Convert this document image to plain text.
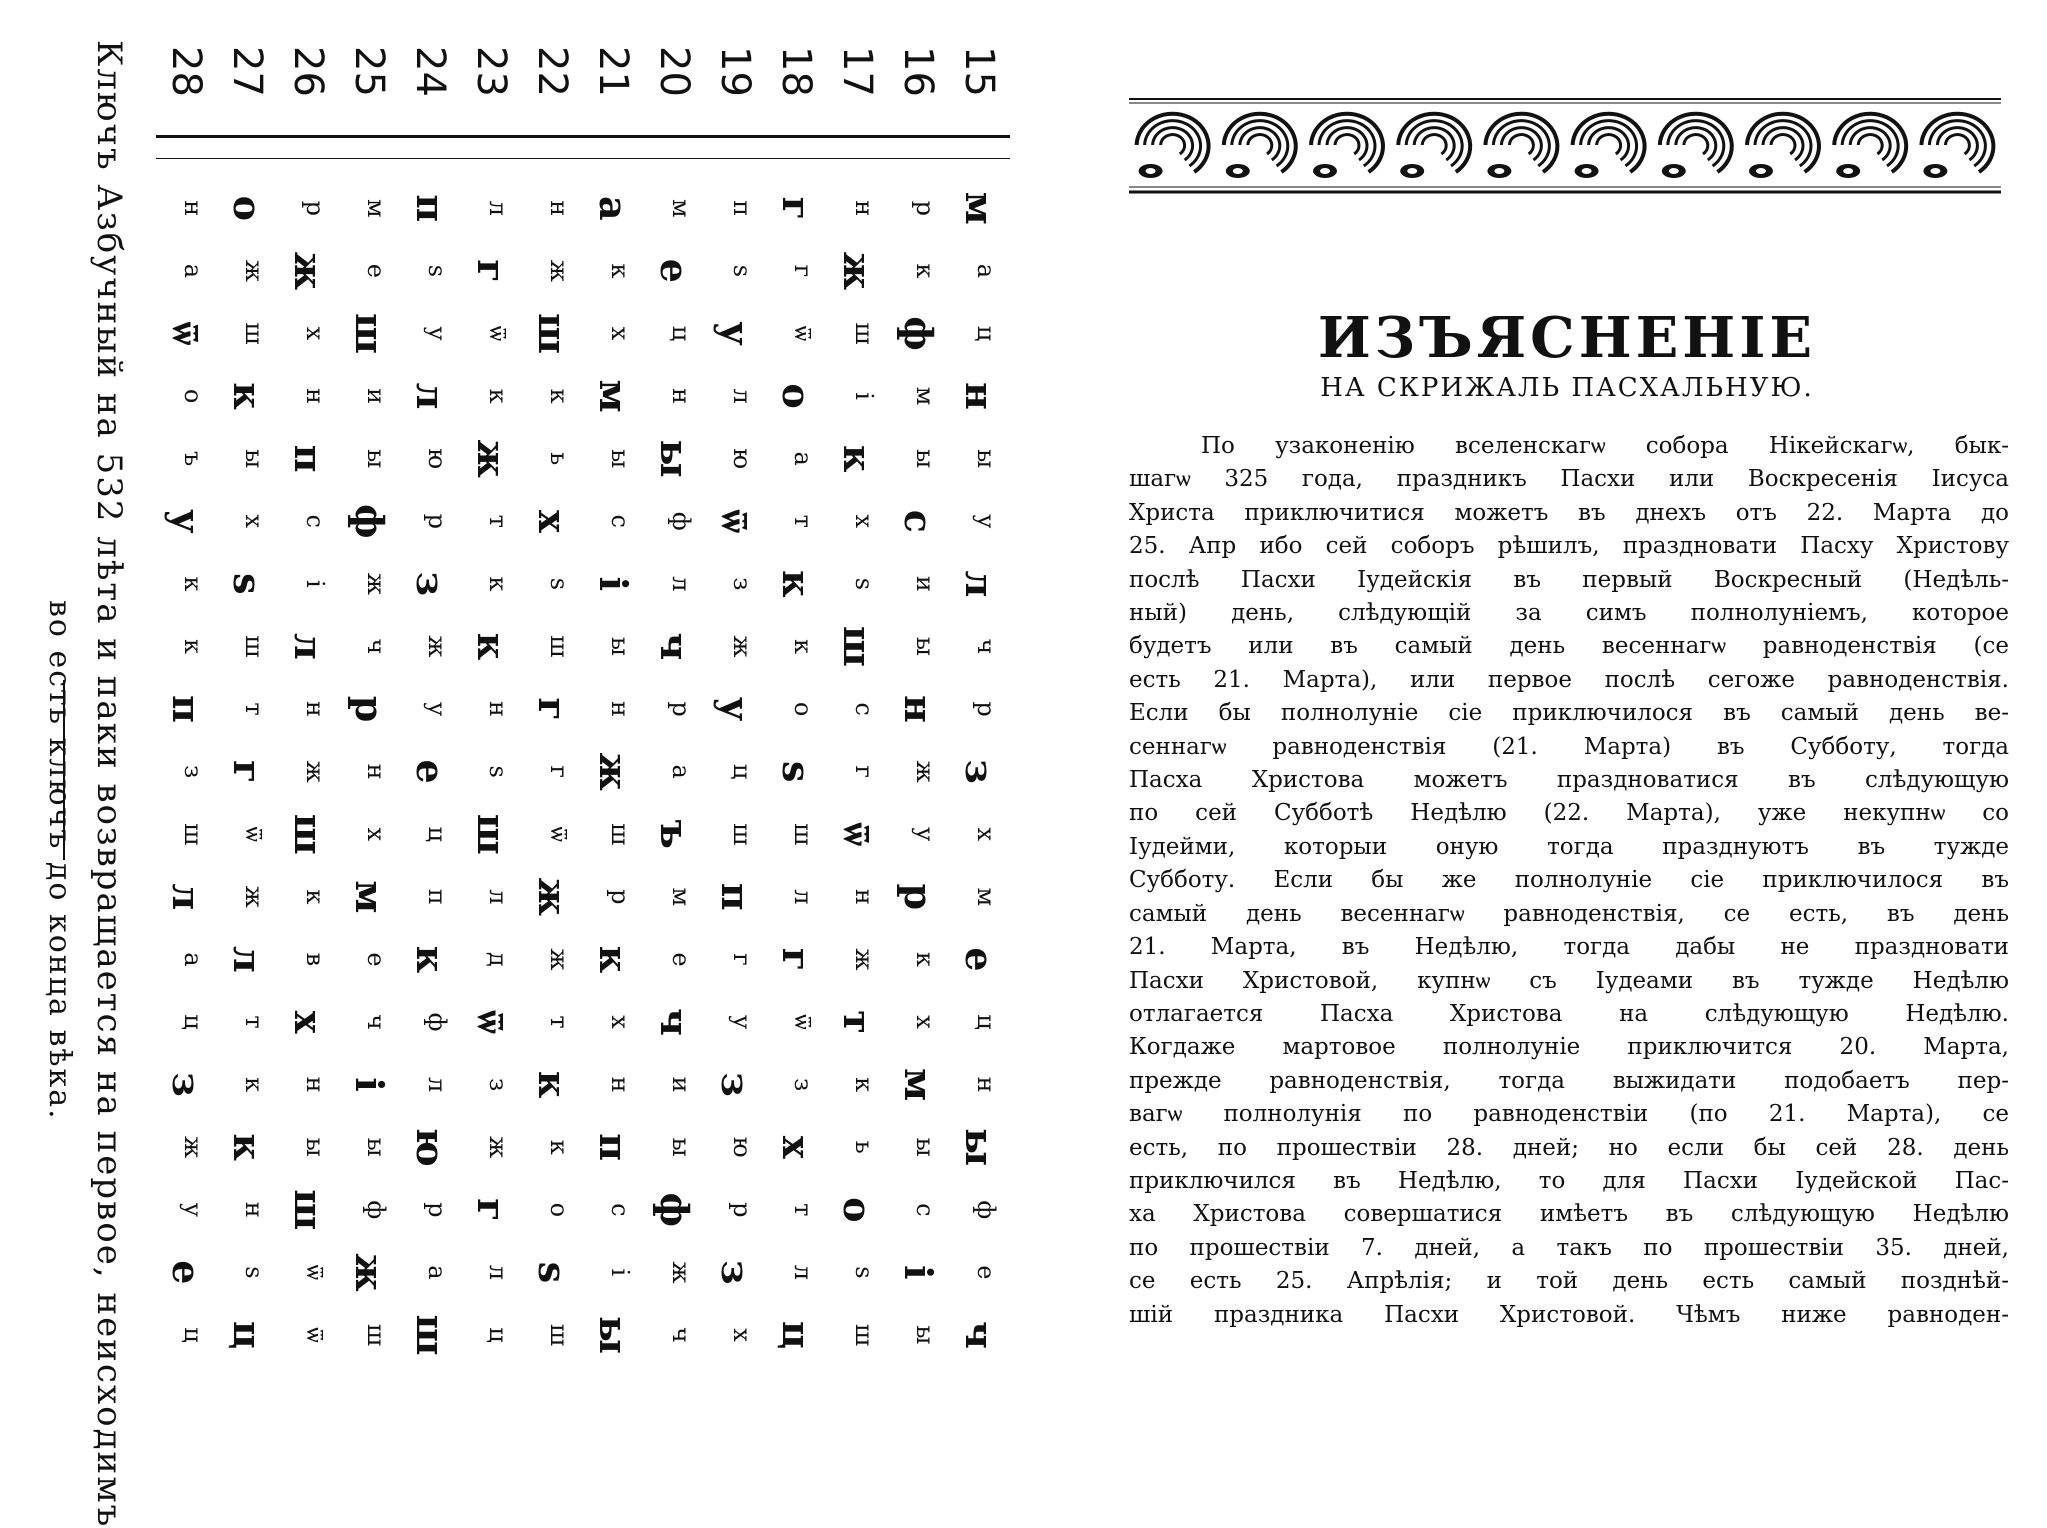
15
м
а
ц
н
ы
у
л
ч
р
з
х
м
е
ц
н
ы
ф
е
ч
16
р
к
ф
м
ы
с
и
ы
н
ж
у
р
к
х
м
ы
с
і
ы
17
н
ж
ш
і
к
х
ѕ
ш
с
г
ѿ
н
ж
т
к
ь
о
ѕ
ш
18
г
г
ѿ
о
а
т
к
к
о
ѕ
ш
л
г
ѿ
з
х
т
л
ц
19
п
ѕ
у
л
ю
ѿ
з
ж
у
ц
ш
п
г
у
з
ю
р
з
х
20
м
е
ц
н
ы
ф
л
ч
р
а
ъ
м
е
ч
и
ы
ф
ж
ч
21
а
к
х
м
ы
с
і
ы
н
ж
ш
р
к
х
н
п
с
і
ы
22
н
ж
ш
к
ь
х
ѕ
ш
г
г
ѿ
ж
ж
т
к
к
о
ѕ
ш
23
л
г
ѿ
к
ж
т
к
к
н
ѕ
ш
л
д
ѿ
з
ж
г
л
ц
24
п
ѕ
у
л
ю
р
з
ж
у
е
ц
п
к
ф
л
ю
р
а
ш
25
м
е
ш
и
ы
ф
ж
ч
р
н
х
м
е
ч
і
ы
ф
ж
ш
26
р
ж
х
н
п
с
і
л
н
ж
ш
к
в
х
н
ы
ш
ѿ
ѿ
27
о
ж
ш
к
ы
х
ѕ
ш
т
г
ѿ
ж
л
т
к
к
н
ѕ
ц
28
н
а
ѿ
о
ъ
у
к
к
п
з
ш
л
а
ц
з
ж
у
е
ц
Ключъ Азбучный на 532 лѣта и паки возвращается на первое, неисходимъ
во есть ключъ до конца вѣка.
ИЗЪЯСНЕНІЕ
НА СКРИЖАЛЬ ПАСХАЛЬНУЮ.
По узаконенію вселенскагѡ собора Нікейскагѡ, бык-
шагѡ 325 года, праздникъ Пасхи или Воскресенія Іисуса
Христа приключитися можетъ въ днехъ отъ 22. Марта до
25. Апр ибо сей соборъ рѣшилъ, праздновати Пасху Христову
послѣ Пасхи Іудейскія въ первый Воскресный (Недѣль-
ный) день, слѣдующій за симъ полнолуніемъ, которое
будетъ или въ самый день весеннагѡ равноденствія (се
есть 21. Марта), или первое послѣ сегоже равноденствія.
Если бы полнолуніе сіе приключилося въ самый день ве-
сеннагѡ равноденствія (21. Марта) въ Субботу, тогда
Пасха Христова можетъ праздноватися въ слѣдующую
по сей Субботѣ Недѣлю (22. Марта), уже некупнѡ со
Іудейми, которыи оную тогда празднуютъ въ тужде
Субботу. Если бы же полнолуніе сіе приключилося въ
самый день весеннагѡ равноденствія, се есть, въ день
21. Марта, въ Недѣлю, тогда дабы не праздновати
Пасхи Христовой, купнѡ съ Іудеами въ тужде Недѣлю
отлагается Пасха Христова на слѣдующую Недѣлю.
Когдаже мартовое полнолуніе приключится 20. Марта,
прежде равноденствія, тогда выжидати подобаетъ пер-
вагѡ полнолунія по равноденствіи (по 21. Марта), се
есть, по прошествіи 28. дней; но если бы сей 28. день
приключился въ Недѣлю, то для Пасхи Іудейской Пас-
ха Христова совершатися имѣетъ въ слѣдующую Недѣлю
по прошествіи 7. дней, а такъ по прошествіи 35. дней,
се есть 25. Апрѣлія; и той день есть самый позднѣй-
шій праздника Пасхи Христовой. Чѣмъ ниже равноден-
